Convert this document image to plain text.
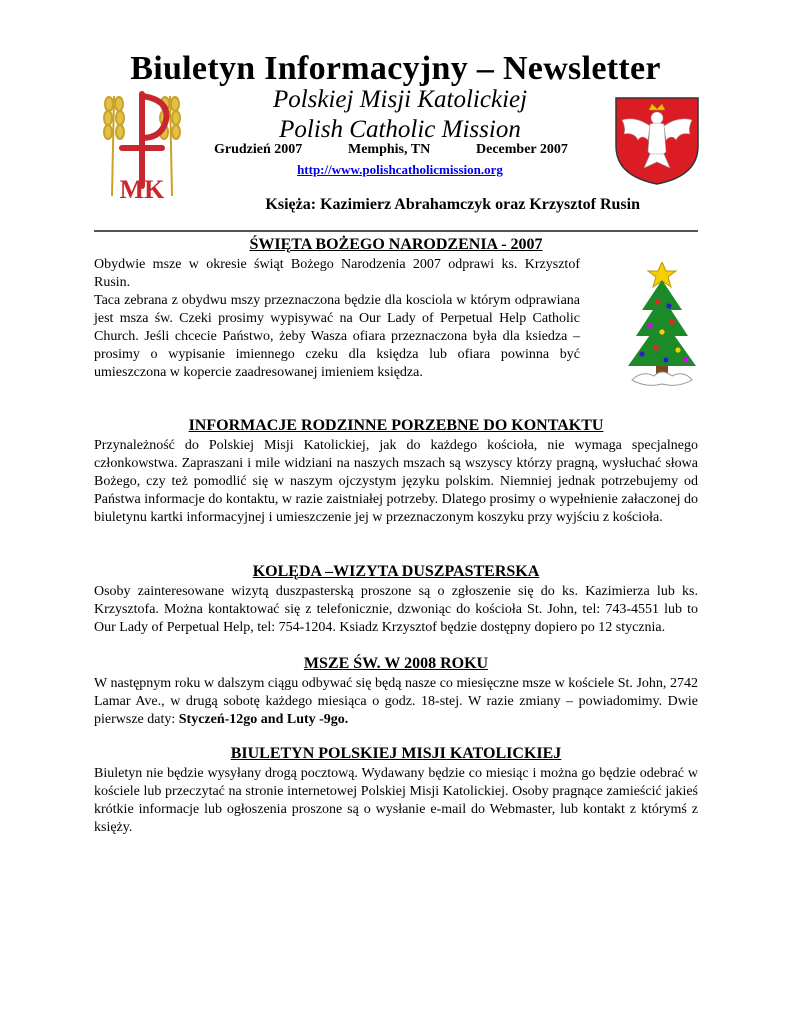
Biuletyn Informacyjny – Newsletter
MK
Polskiej Misji Katolickiej
Polish Catholic Mission
Grudzień 2007	Memphis, TN	December 2007
http://www.polishcatholicmission.org
Księża: Kazimierz Abrahamczyk oraz Krzysztof Rusin
ŚWIĘTA BOŻEGO NARODZENIA - 2007

Obydwie msze w okresie świąt Bożego Narodzenia 2007 odprawi ks. Krzysztof Rusin.

Taca zebrana z obydwu mszy przeznaczona będzie dla kosciola w którym odprawiana jest msza św. Czeki prosimy wypisywać na Our Lady of Perpetual Help Catholic Church. Jeśli chcecie Państwo, żeby Wasza ofiara przeznaczona była dla ksiedza – prosimy o wypisanie imiennego czeku dla księdza lub ofiara powinna być umieszczona w kopercie zaadresowanej imieniem księdza.

INFORMACJE RODZINNE PORZEBNE DO KONTAKTU

Przynależność do Polskiej Misji Katolickiej, jak do każdego kościoła, nie wymaga specjalnego członkowstwa. Zapraszani i mile widziani na naszych mszach są wszyscy którzy pragną, wysłuchać słowa Bożego, czy też pomodlić się w naszym ojczystym języku polskim. Niemniej jednak potrzebujemy od Państwa informacje do kontaktu, w razie zaistniałej potrzeby. Dlatego prosimy o wypełnienie załaczonej do biuletynu kartki informacyjnej i umieszczenie jej w przeznaczonym koszyku przy wyjściu z kościoła.

KOLĘDA –WIZYTA DUSZPASTERSKA

Osoby zainteresowane wizytą duszpasterską proszone są o zgłoszenie się do ks. Kazimierza lub ks. Krzysztofa. Można kontaktować się z telefonicznie, dzwoniąc do kościoła St. John, tel: 743-4551 lub to Our Lady of Perpetual Help, tel: 754-1204. Ksiadz Krzysztof będzie dostępny dopiero po 12 stycznia.

MSZE ŚW. W 2008 ROKU

W następnym roku w dalszym ciągu odbywać się będą nasze co miesięczne msze w kościele St. John, 2742 Lamar Ave., w drugą sobotę każdego miesiąca o godz. 18-stej. W razie zmiany – powiadomimy. Dwie pierwsze daty: Styczeń-12go and Luty -9go.

BIULETYN POLSKIEJ MISJI KATOLICKIEJ

Biuletyn nie będzie wysyłany drogą pocztową. Wydawany będzie co miesiąc i można go będzie odebrać w kościele lub przeczytać na stronie internetowej Polskiej Misji Katolickiej. Osoby pragnące zamieścić jakieś krótkie informacje lub ogłoszenia proszone są o wysłanie e-mail do Webmaster, lub kontakt z którymś z księży.
